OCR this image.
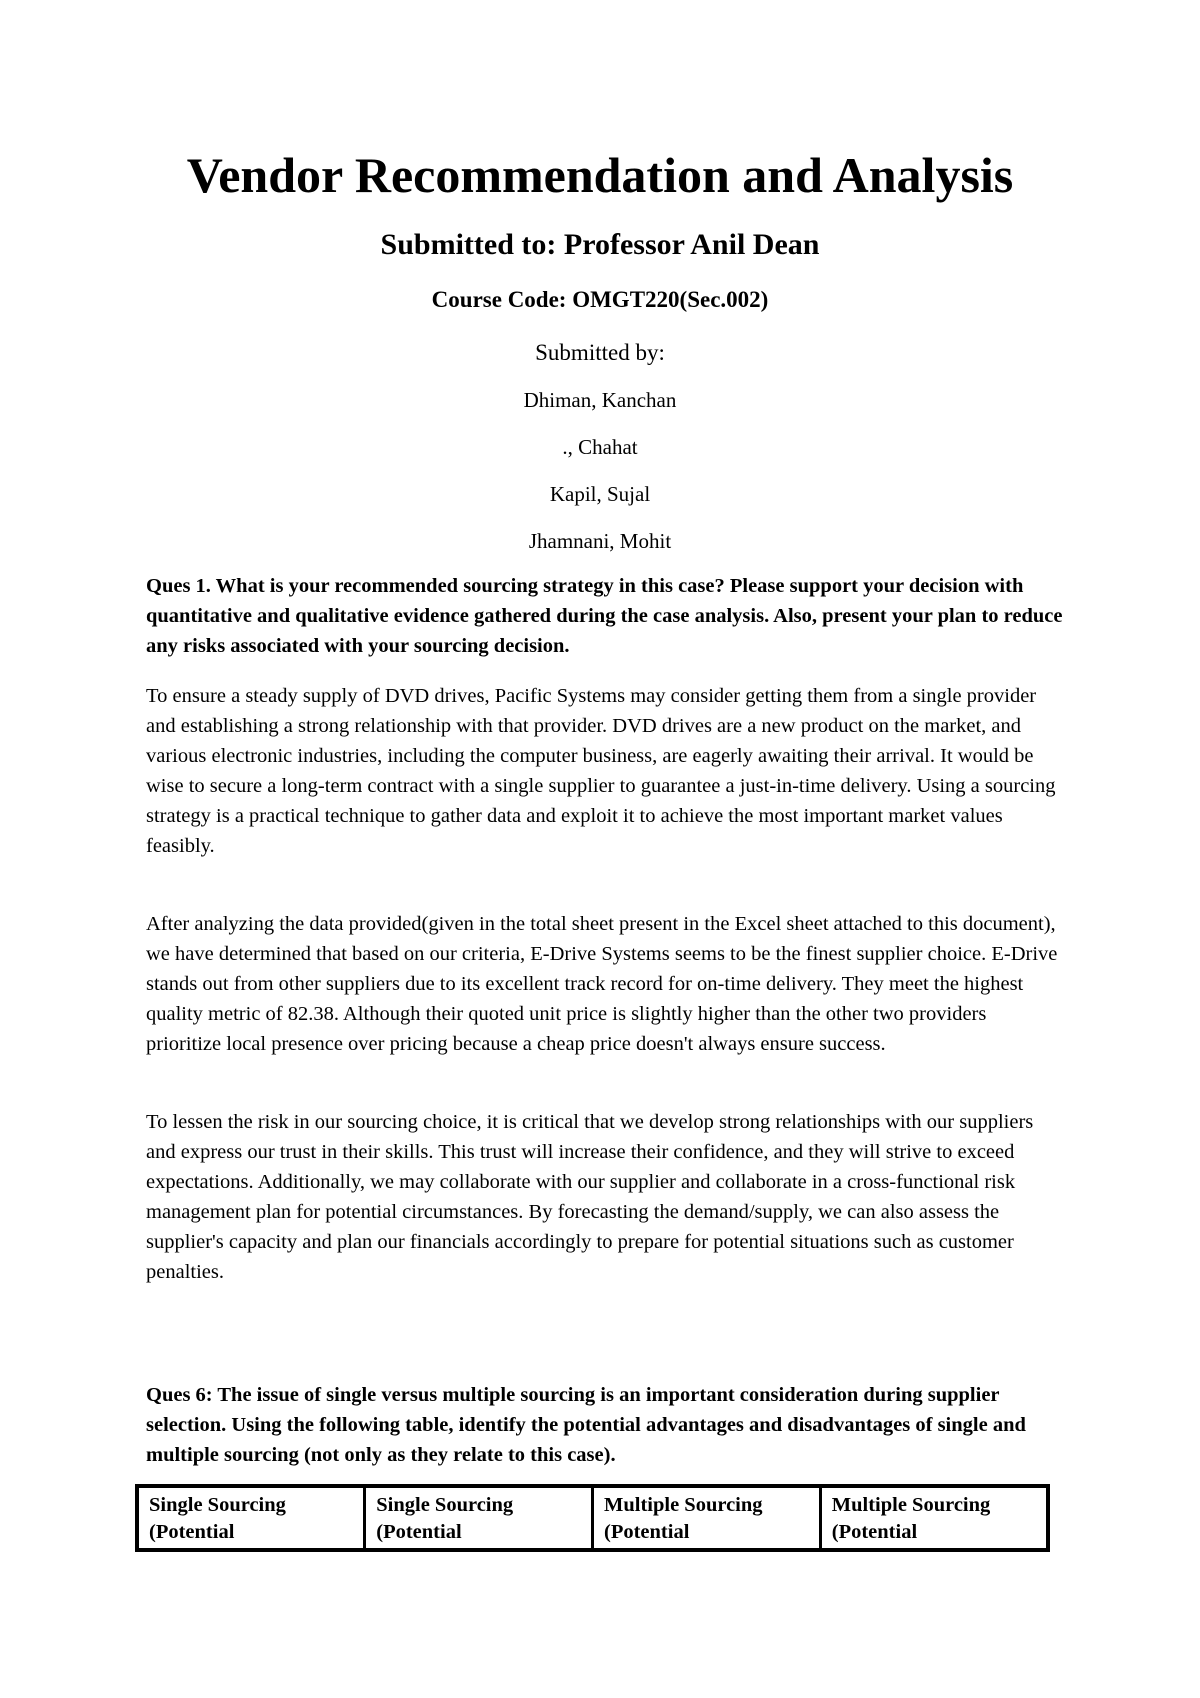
Vendor Recommendation and Analysis
Submitted to: Professor Anil Dean
Course Code: OMGT220(Sec.002)
Submitted by:
Dhiman, Kanchan
., Chahat
Kapil, Sujal
Jhamnani, Mohit
Ques 1. What is your recommended sourcing strategy in this case? Please support your decision with quantitative and qualitative evidence gathered during the case analysis. Also, present your plan to reduce any risks associated with your sourcing decision.
To ensure a steady supply of DVD drives, Pacific Systems may consider getting them from a single provider and establishing a strong relationship with that provider. DVD drives are a new product on the market, and various electronic industries, including the computer business, are eagerly awaiting their arrival. It would be wise to secure a long-term contract with a single supplier to guarantee a just-in-time delivery. Using a sourcing strategy is a practical technique to gather data and exploit it to achieve the most important market values feasibly.
After analyzing the data provided(given in the total sheet present in the Excel sheet attached to this document), we have determined that based on our criteria, E-Drive Systems seems to be the finest supplier choice. E-Drive stands out from other suppliers due to its excellent track record for on-time delivery. They meet the highest quality metric of 82.38. Although their quoted unit price is slightly higher than the other two providers prioritize local presence over pricing because a cheap price doesn't always ensure success.
To lessen the risk in our sourcing choice, it is critical that we develop strong relationships with our suppliers and express our trust in their skills. This trust will increase their confidence, and they will strive to exceed expectations. Additionally, we may collaborate with our supplier and collaborate in a cross-functional risk management plan for potential circumstances. By forecasting the demand/supply, we can also assess the supplier's capacity and plan our financials accordingly to prepare for potential situations such as customer penalties.
Ques 6: The issue of single versus multiple sourcing is an important consideration during supplier selection. Using the following table, identify the potential advantages and disadvantages of single and multiple sourcing (not only as they relate to this case).
Single Sourcing (Potential	Single Sourcing (Potential	Multiple Sourcing (Potential	Multiple Sourcing (Potential
